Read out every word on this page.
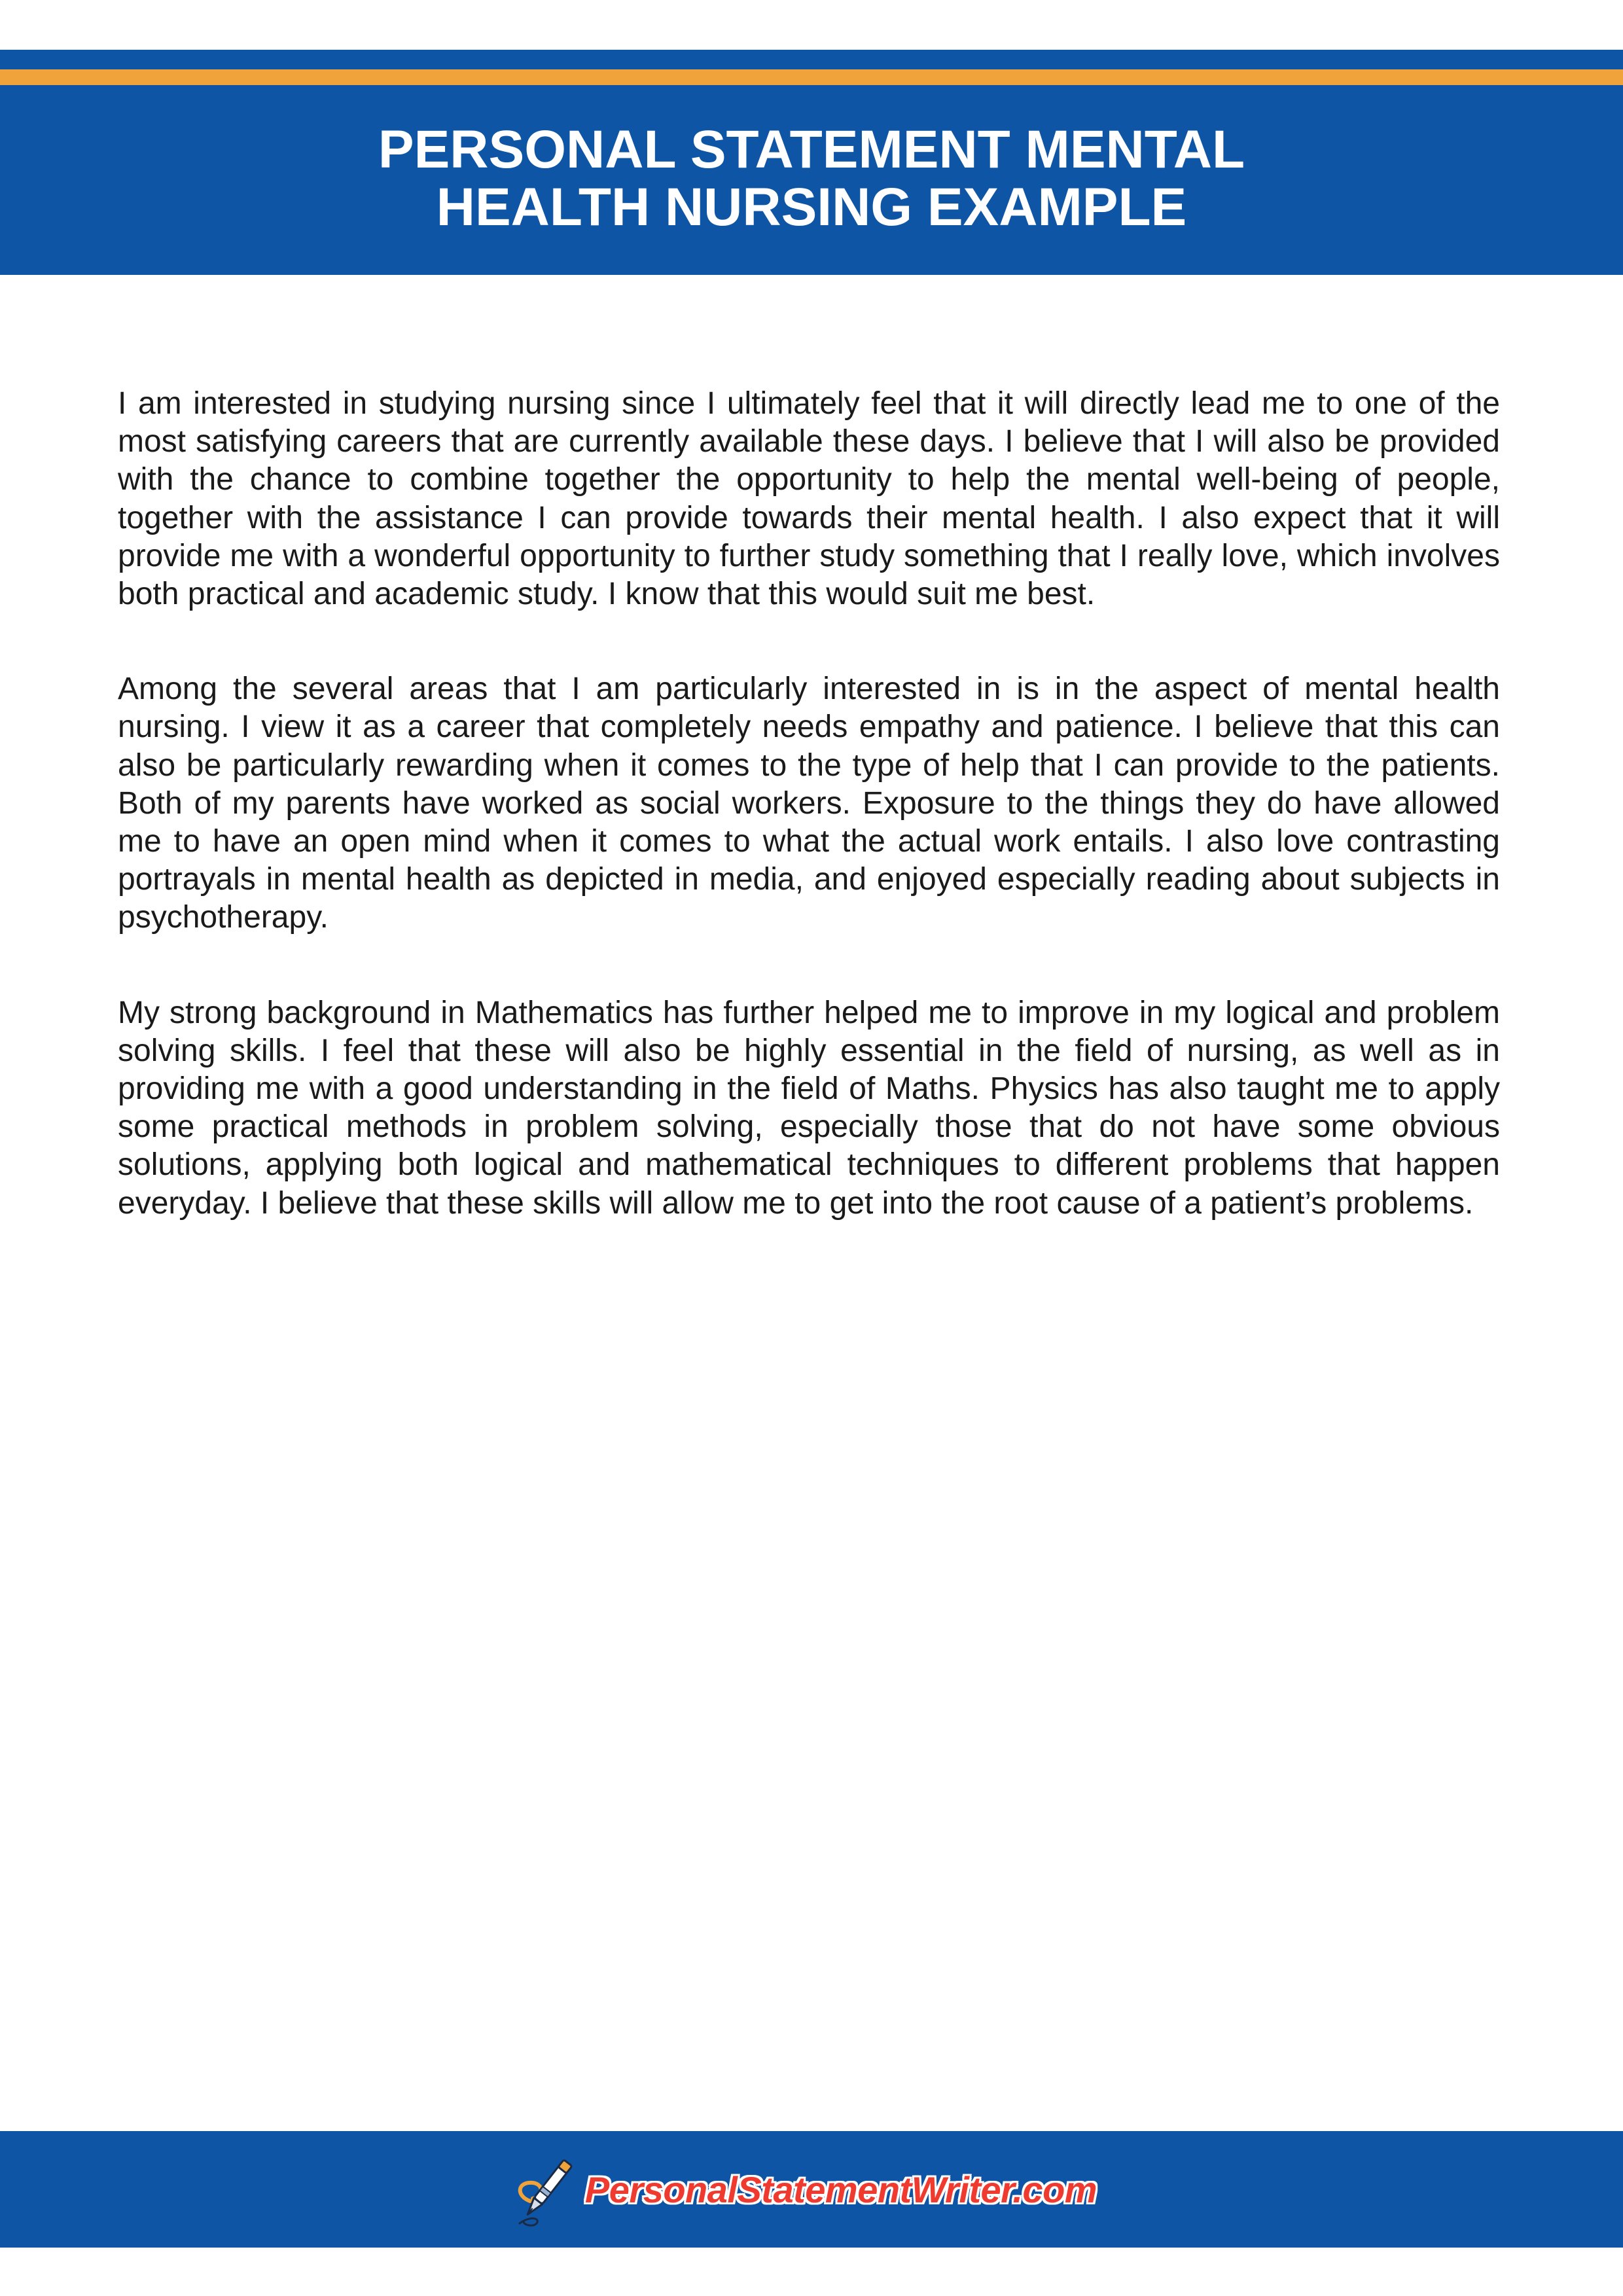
PERSONAL STATEMENT MENTAL HEALTH NURSING EXAMPLE

I am interested in studying nursing since I ultimately feel that it will directly lead me to one of the most satisfying careers that are currently available these days. I believe that I will also be provided with the chance to combine together the opportunity to help the mental well-being of people, together with the assistance I can provide towards their mental health. I also expect that it will provide me with a wonderful opportunity to further study something that I really love, which involves both practical and academic study. I know that this would suit me best.

Among the several areas that I am particularly interested in is in the aspect of mental health nursing. I view it as a career that completely needs empathy and patience. I believe that this can also be particularly rewarding when it comes to the type of help that I can provide to the patients. Both of my parents have worked as social workers. Exposure to the things they do have allowed me to have an open mind when it comes to what the actual work entails. I also love contrasting portrayals in mental health as depicted in media, and enjoyed especially reading about subjects in psychotherapy.

My strong background in Mathematics has further helped me to improve in my logical and problem solving skills. I feel that these will also be highly essential in the field of nursing, as well as in providing me with a good understanding in the field of Maths. Physics has also taught me to apply some practical methods in problem solving, especially those that do not have some obvious solutions, applying both logical and mathematical techniques to different problems that happen everyday. I believe that these skills will allow me to get into the root cause of a patient’s problems.

PersonalStatementWriter.com
